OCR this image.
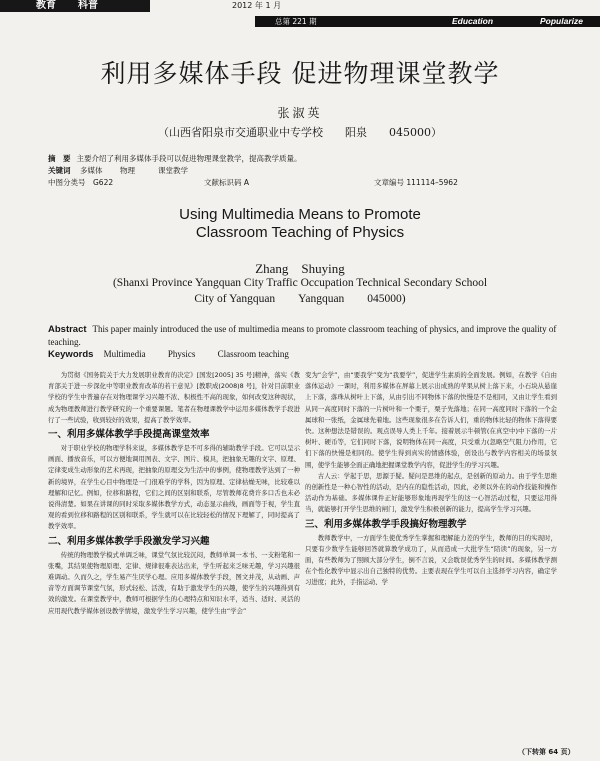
教育 科普	2012 年 1 月
总第 221 期	Education	Popularize
利用多媒体手段 促进物理课堂教学
张淑英
（山西省阳泉市交通职业中专学校　　阳泉　　045000）
摘　要 主要介绍了利用多媒体手段可以促进物理课堂教学，提高教学质量。
关键词	多媒体 物理	课堂教学
中图分类号　G622	文献标识码 A	文章编号 111114–5962
Using Multimedia Means to Promote
Classroom Teaching of Physics
Zhang　Shuying
(Shanxi Province Yangquan City Traffic Occupation Technical Secondary School
City of Yangquan　　Yangquan　　045000)
Abstract This paper mainly introduced the use of multimedia means to promote classroom teaching of physics, and improve the quality of teaching.
Keywords Multimedia Physics Classroom teaching

为贯彻《国务院关于大力发展职业教育的决定》[国发[2005] 35 号]精神，落实《教育部关于进一步深化中等职业教育改革的若干意见》[教职成(2008)8 号]，针对目前职业学校的学生中普遍存在对物理课学习兴趣不浓、积极性不高的现象，如何改变这种现状，成为物理教师进行教学研究的一个重要课题。笔者在物理课教学中运用多媒体教学手段进行了一些试验，收到较好的效果，提高了教学效率。

一、利用多媒体教学手段提高课堂效率

对于职业学校的物理学科来说，多媒体教学是不可多得的辅助教学手段。它可以呈示画面、播放音乐，可以方便地调用图表、文字、图片、模具，把抽象无趣的文字、原理、定律变成生动形象的艺术再现，把抽象的原理交为生活中的事例，使物理教学达到了一种新的境界，在学生心目中物理是一门很难学的学科，因为原理、定律枯燥无味，比较难以理解和记忆。例如，位移和路程，它们之间的区别和联系，尽管教师花费许多口舌也未必说得清楚。如果在讲课的同时采取多媒体教学方式，动态显示曲线，画面等于视，学生直观的看到位移和路程的区别和联系，学生就可以在比较轻松的情况下理解了，同时提高了教学效率。

二、利用多媒体教学手段激发学习兴趣

传统的物理教学模式单调乏味，课堂气氛比较沉闷，教师单调一本书、一支粉笔和一张嘴，其结果使物理原理、定律、规律很难表达出来，学生听起来乏味无趣，学习兴趣很难调动。久而久之，学生易产生厌学心理。应用多媒体教学手段，图文并茂，从动画、声音等方面调节课堂气氛，形式轻松、活泼，有助于激发学生的兴趣，使学生的兴趣得到有效的激发。在课堂教学中，教师可根据学生的心理特点和知识水平，适当、适时、灵活的应用现代教学媒体创设教学情境，激发学生学习兴趣，使学生由“学会”

变为“会学”，由“要我学”变为“我要学”，促进学生素质的全面发展。例如，在教学《自由落体运动》一课时，利用多媒体在屏幕上展示出成熟的苹果从树上落下来，小石块从悬崖上下落，落珠从树叶上下落，从由引出不同物体下落的快慢是不是相同，又由让学生看到从同一高度同时下落的一片树叶和一个栗子，栗子先落地；在同一高度同时下落的一个金属球和一张纸，金属球先着地。这些现象很多在告诉人们，重的物体比轻的物体下落得要快。这种想法是错误的。观点误导人类上千年。接着展示牛顿管(在真空中)中下落的一片树叶、硬币等，它们同时下落，说明物体在同一高度，只受重力(忽略空气阻力)作用，它们下落的快慢是相同的。使学生得到真实的情感体验，创设出与教学内容相关的场景氛围，使学生能够全面正确地把握课堂教学内容，促进学生的学习兴趣。

古人云：学起于思，思源于疑。疑问是思维的起点，是创新的原动力。由于学生思维的创新性是一种心智性的活动，是内在的隐性活动，因此，必须以外在的动作技能和操作活动作为基础。多媒体课件正好能够形象地再现学生的这一心智活动过程，只要运用得当，就能够打开学生思维的闸门，激发学生积极创新的能力，提高学生学习兴趣。

三、利用多媒体教学手段搞好物理教学

教师教学中，一方面学生使优秀学生掌握和理解能力差的学生，教师的目的实现时，只要有少数学生能够回答就算教学成功了，从而造成一大批学生“陪读”的现象，另一方面，有些教师为了照顾大部分学生，倒不言说，又会耽误优秀学生的时间。多媒体教学测在个性化教学中显示出自己独特的优势。主要表现在学生可以自主选择学习内容，确定学习进度；此外，手指运动、学

（下转第 64 页）
